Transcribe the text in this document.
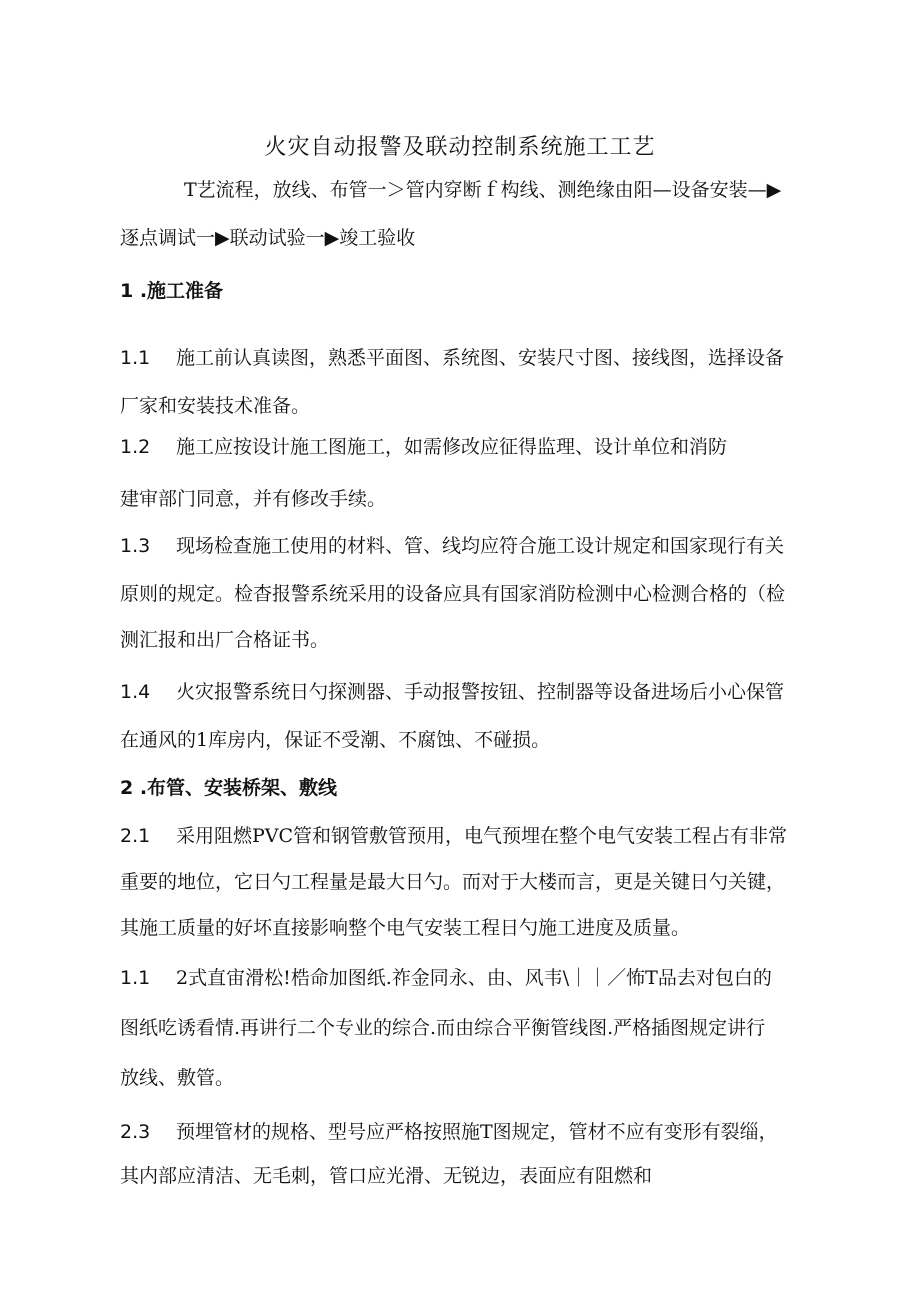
火灾自动报警及联动控制系统施工工艺
T艺流程，放线、布管一＞管内穿断ｆ构线、测绝缘由阳—设备安装—▶
逐点调试一▶联动试验一▶竣工验收
1 .施工准备
1.1 施工前认真读图，熟悉平面图、系统图、安装尺寸图、接线图，选择设备
厂家和安装技术准备。
1.2 施工应按设计施工图施工，如需修改应征得监理、设计单位和消防
建审部门同意，并有修改手续。
1.3 现场检查施工使用的材料、管、线均应符合施工设计规定和国家现行有关
原则的规定。检杳报警系统采用的设备应具有国家消防检测中心检测合格的（检
测汇报和出厂合格证书。
1.4 火灾报警系统日勺探测器、手动报警按钮、控制器等设备进场后小心保管
在通风的1库房内，保证不受潮、不腐蚀、不碰损。
2 .布管、安装桥架、敷线
2.1 采用阻燃PVC管和钢管敷管预用，电气预埋在整个电气安装工程占有非常
重要的地位，它日勺工程量是最大日勺。而对于大楼而言，更是关键日勺关键，
其施工质量的好坏直接影响整个电气安装工程日勺施工进度及质量。
1.1 2式直宙滑松!梏命加图纸.祚金同永、由、风韦\｜｜／怖T品去对包白的
图纸吃诱看情.再讲行二个专业的综合.而由综合平衡管线图.严格插图规定讲行
放线、敷管。
2.3 预埋管材的规格、型号应严格按照施T图规定，管材不应有变形有裂缁，
其内部应清洁、无毛刺，管口应光滑、无锐边，表面应有阻燃和
